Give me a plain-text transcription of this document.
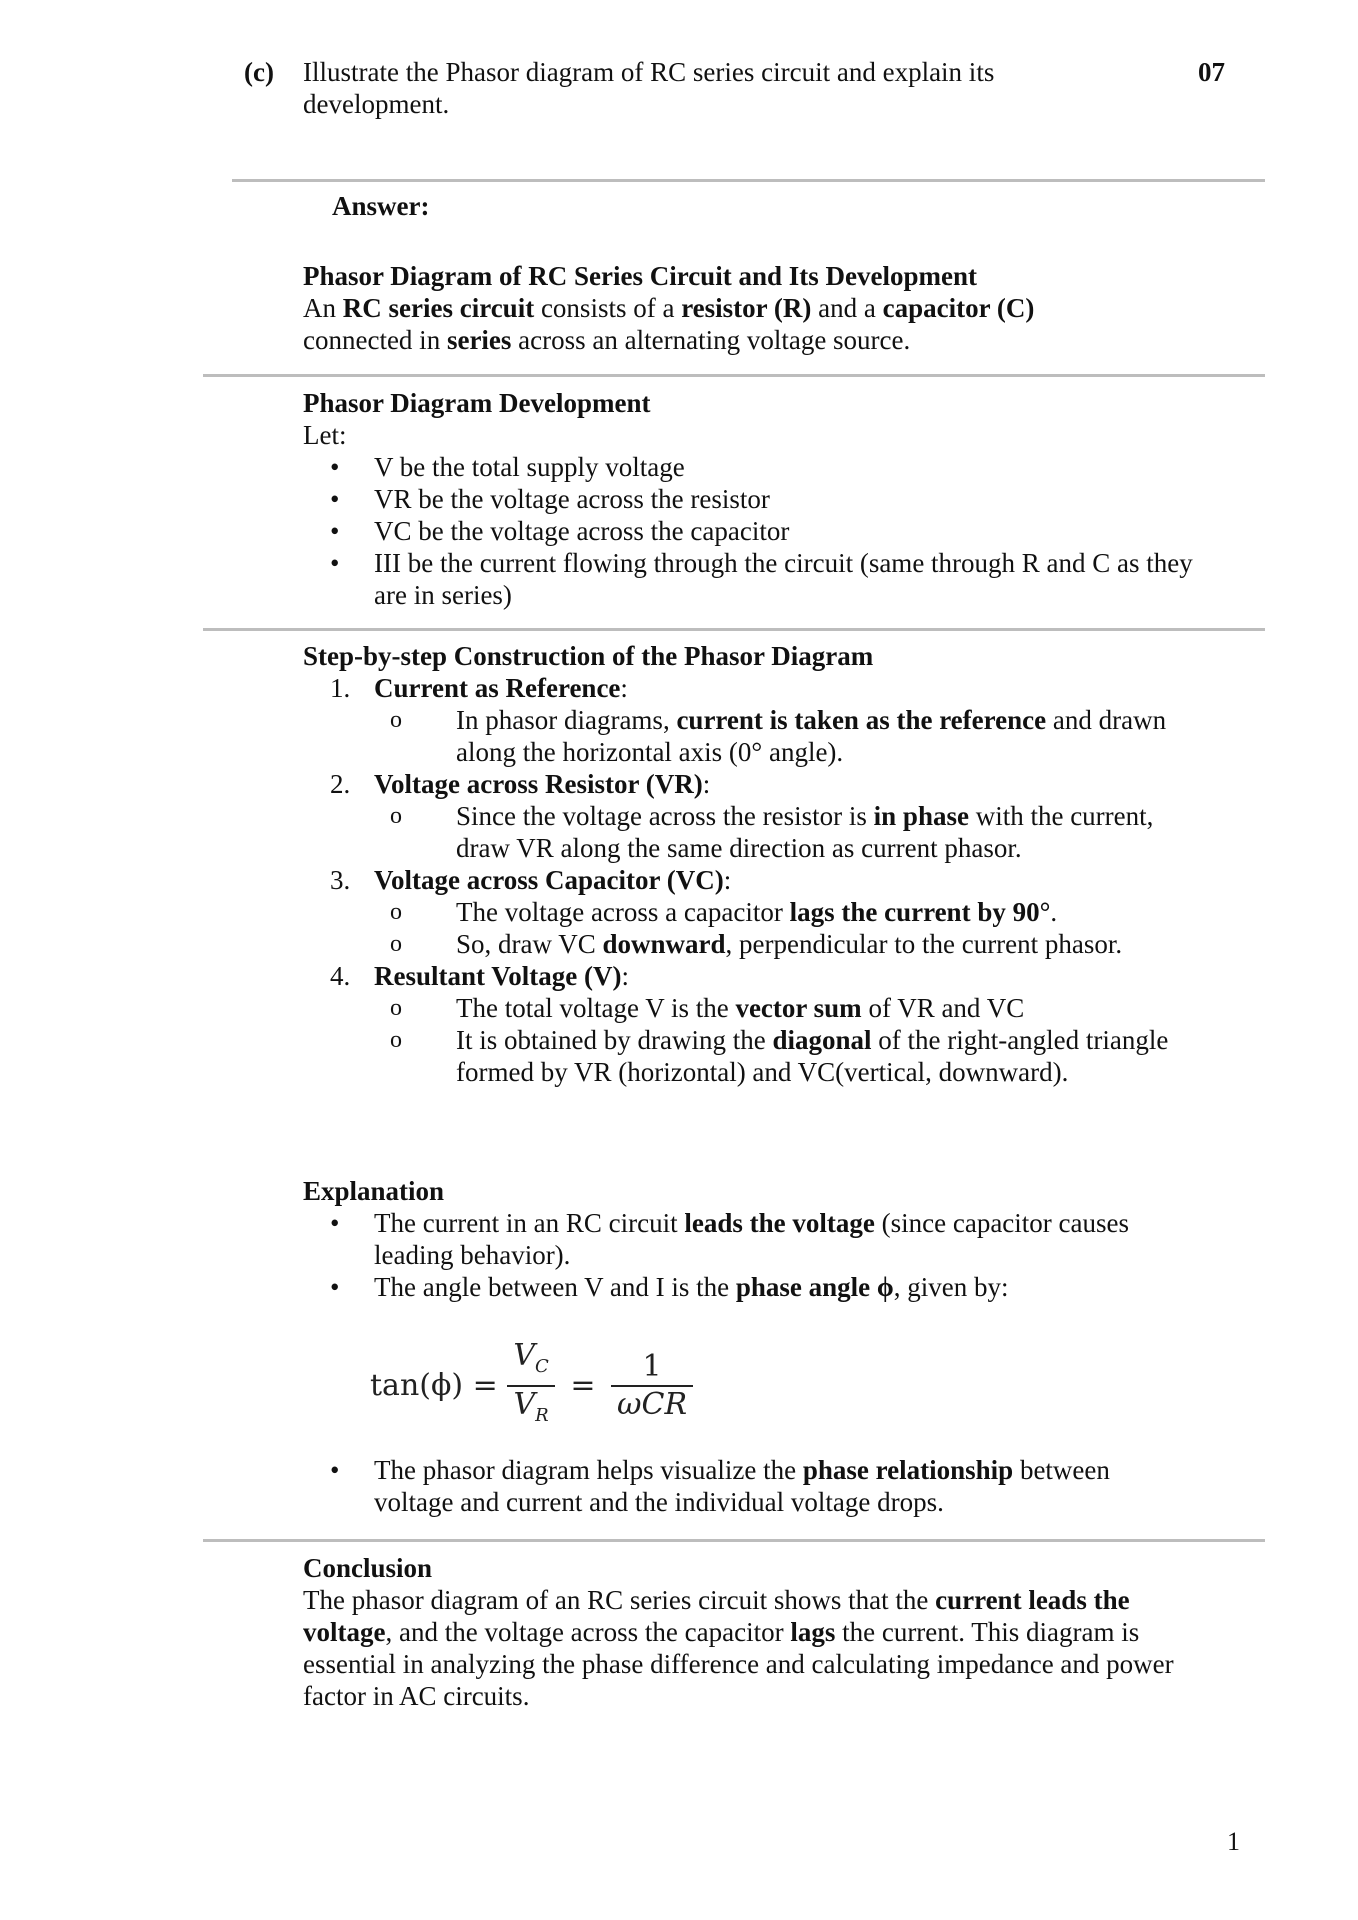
(c) Illustrate the Phasor diagram of RC series circuit and explain its development.
07
Answer:
Phasor Diagram of RC Series Circuit and Its Development
An RC series circuit consists of a resistor (R) and a capacitor (C)
connected in series across an alternating voltage source.
Phasor Diagram Development
Let:
• V be the total supply voltage
• VR be the voltage across the resistor
• VC be the voltage across the capacitor
• III be the current flowing through the circuit (same through R and C as they are in series)
Step-by-step Construction of the Phasor Diagram
1. Current as Reference:
o In phasor diagrams, current is taken as the reference and drawn along the horizontal axis (0° angle).
2. Voltage across Resistor (VR):
o Since the voltage across the resistor is in phase with the current, draw VR along the same direction as current phasor.
3. Voltage across Capacitor (VC):
o The voltage across a capacitor lags the current by 90°.
o So, draw VC downward, perpendicular to the current phasor.
4. Resultant Voltage (V):
o The total voltage V is the vector sum of VR and VC
o It is obtained by drawing the diagonal of the right-angled triangle formed by VR (horizontal) and VC(vertical, downward).
Explanation
• The current in an RC circuit leads the voltage (since capacitor causes leading behavior).
• The angle between V and I is the phase angle ϕ, given by:
$\tan(\phi) = \frac{V_C}{V_R} = \frac{1}{\text{ωCR}}$
• The phasor diagram helps visualize the phase relationship between voltage and current and the individual voltage drops.
Conclusion
The phasor diagram of an RC series circuit shows that the current leads the voltage, and the voltage across the capacitor lags the current. This diagram is essential in analyzing the phase difference and calculating impedance and power factor in AC circuits.
1
